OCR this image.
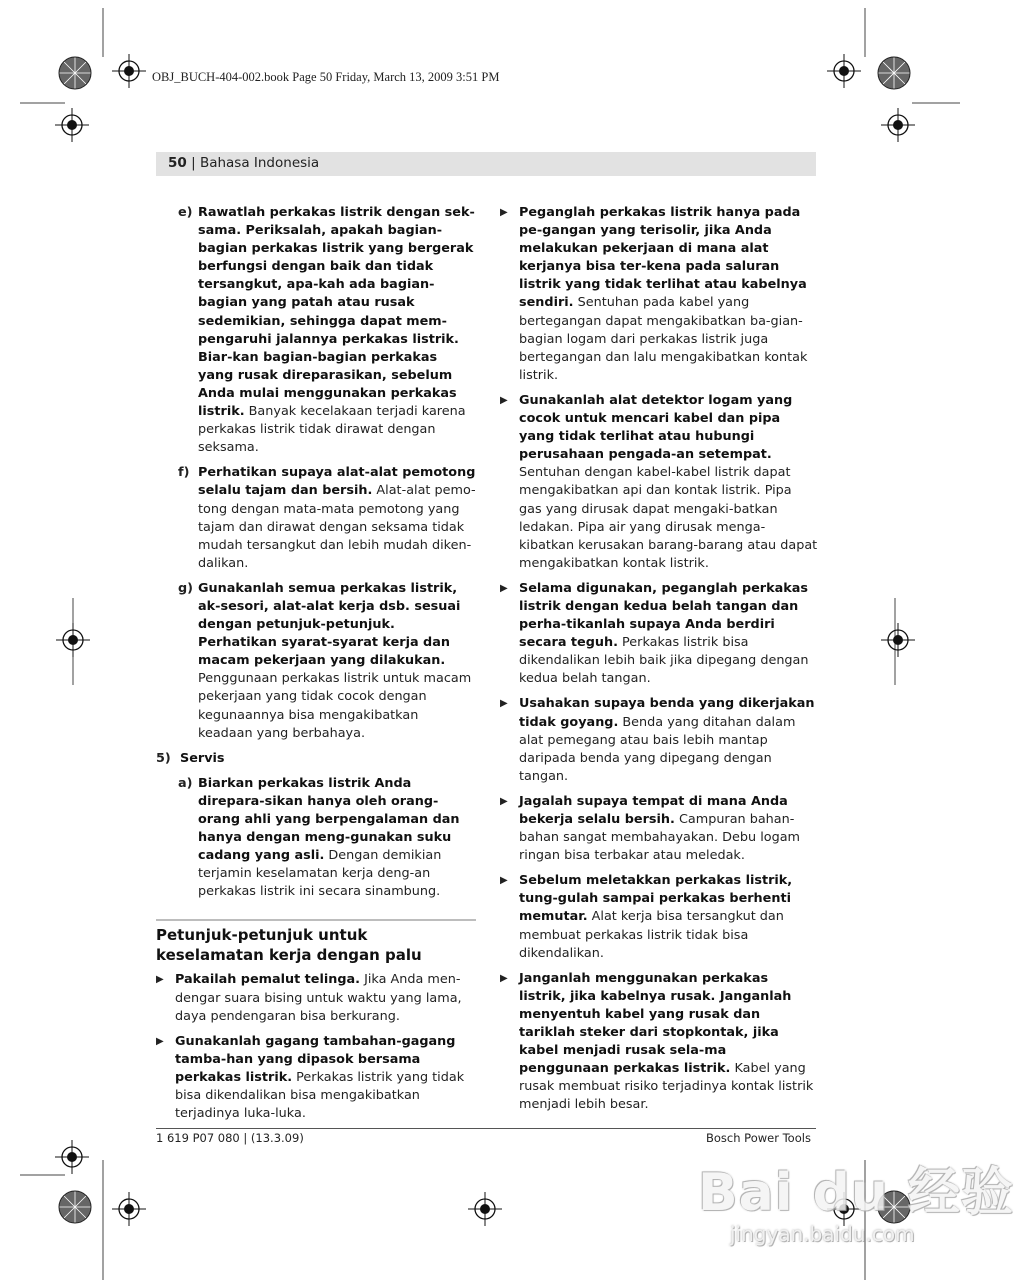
OBJ_BUCH-404-002.book Page 50 Friday, March 13, 2009 3:51 PM
50 | Bahasa Indonesia
e) Rawatlah perkakas listrik dengan sek-sama. Periksalah, apakah bagian-bagian perkakas listrik yang bergerak berfungsi dengan baik dan tidak tersangkut, apa-kah ada bagian-bagian yang patah atau rusak sedemikian, sehingga dapat mem-pengaruhi jalannya perkakas listrik. Biar-kan bagian-bagian perkakas yang rusak direparasikan, sebelum Anda mulai menggunakan perkakas listrik. Banyak kecelakaan terjadi karena perkakas listrik tidak dirawat dengan seksama.
f) Perhatikan supaya alat-alat pemotong selalu tajam dan bersih. Alat-alat pemo-tong dengan mata-mata pemotong yang tajam dan dirawat dengan seksama tidak mudah tersangkut dan lebih mudah diken-dalikan.
g) Gunakanlah semua perkakas listrik, ak-sesori, alat-alat kerja dsb. sesuai dengan petunjuk-petunjuk. Perhatikan syarat-syarat kerja dan macam pekerjaan yang dilakukan. Penggunaan perkakas listrik untuk macam pekerjaan yang tidak cocok dengan kegunaannya bisa mengakibatkan keadaan yang berbahaya.
5) Servis
a) Biarkan perkakas listrik Anda direpara-sikan hanya oleh orang-orang ahli yang berpengalaman dan hanya dengan meng-gunakan suku cadang yang asli. Dengan demikian terjamin keselamatan kerja deng-an perkakas listrik ini secara sinambung.
Petunjuk-petunjuk untuk keselamatan kerja dengan palu
▶ Pakailah pemalut telinga. Jika Anda men-dengar suara bising untuk waktu yang lama, daya pendengaran bisa berkurang.
▶ Gunakanlah gagang tambahan-gagang tamba-han yang dipasok bersama perkakas listrik. Perkakas listrik yang tidak bisa dikendalikan bisa mengakibatkan terjadinya luka-luka.
▶ Peganglah perkakas listrik hanya pada pe-gangan yang terisolir, jika Anda melakukan pekerjaan di mana alat kerjanya bisa ter-kena pada saluran listrik yang tidak terlihat atau kabelnya sendiri. Sentuhan pada kabel yang bertegangan dapat mengakibatkan ba-gian-bagian logam dari perkakas listrik juga bertegangan dan lalu mengakibatkan kontak listrik.
▶ Gunakanlah alat detektor logam yang cocok untuk mencari kabel dan pipa yang tidak terlihat atau hubungi perusahaan pengada-an setempat. Sentuhan dengan kabel-kabel listrik dapat mengakibatkan api dan kontak listrik. Pipa gas yang dirusak dapat mengaki-batkan ledakan. Pipa air yang dirusak menga-kibatkan kerusakan barang-barang atau dapat mengakibatkan kontak listrik.
▶ Selama digunakan, peganglah perkakas listrik dengan kedua belah tangan dan perha-tikanlah supaya Anda berdiri secara teguh. Perkakas listrik bisa dikendalikan lebih baik jika dipegang dengan kedua belah tangan.
▶ Usahakan supaya benda yang dikerjakan tidak goyang. Benda yang ditahan dalam alat pemegang atau bais lebih mantap daripada benda yang dipegang dengan tangan.
▶ Jagalah supaya tempat di mana Anda bekerja selalu bersih. Campuran bahan-bahan sangat membahayakan. Debu logam ringan bisa terbakar atau meledak.
▶ Sebelum meletakkan perkakas listrik, tung-gulah sampai perkakas berhenti memutar. Alat kerja bisa tersangkut dan membuat perkakas listrik tidak bisa dikendalikan.
▶ Janganlah menggunakan perkakas listrik, jika kabelnya rusak. Janganlah menyentuh kabel yang rusak dan tariklah steker dari stopkontak, jika kabel menjadi rusak sela-ma penggunaan perkakas listrik. Kabel yang rusak membuat risiko terjadinya kontak listrik menjadi lebih besar.
1 619 P07 080 | (13.3.09)	Bosch Power Tools
Bai du 经验
jingyan.baidu.com
